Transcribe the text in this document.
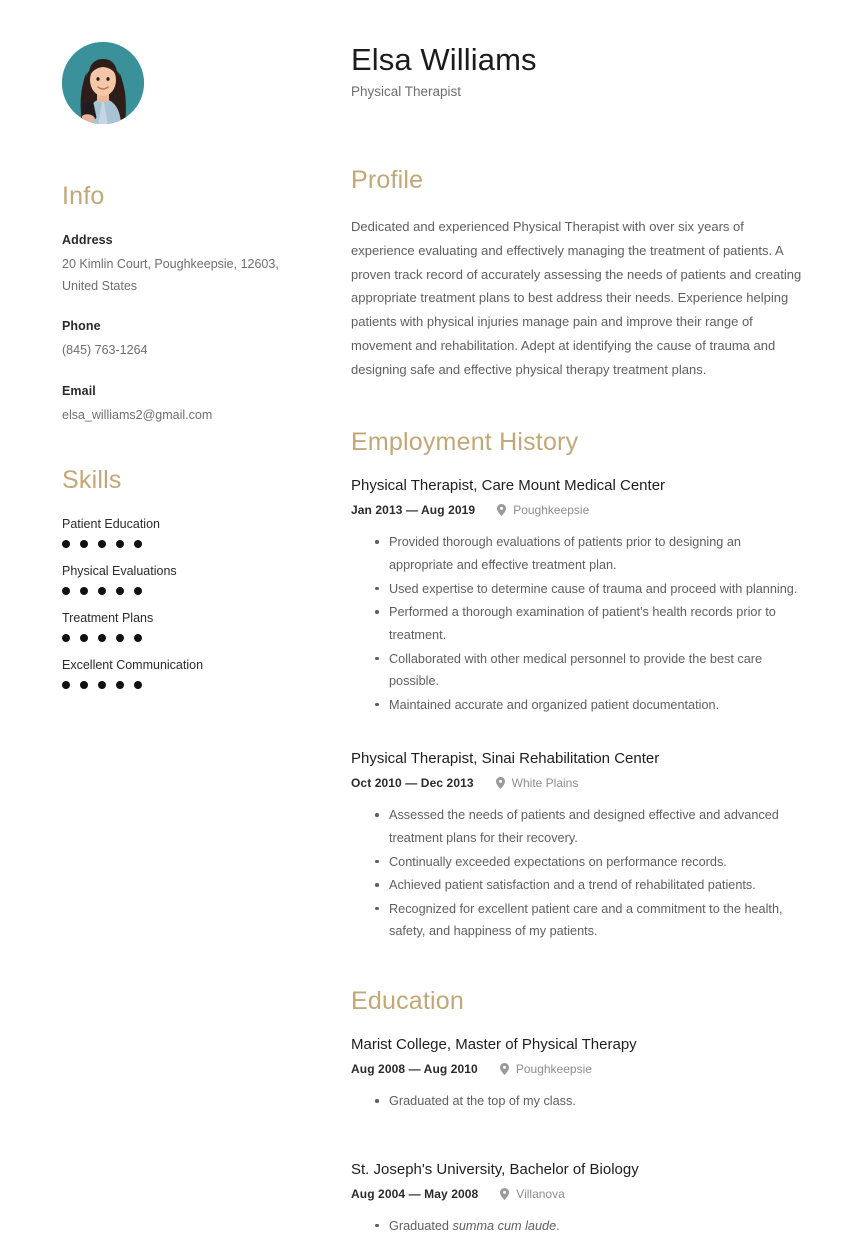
Info
Address
20 Kimlin Court, Poughkeepsie, 12603, United States
Phone
(845) 763-1264
Email
elsa_williams2@gmail.com
Skills
Patient Education
Physical Evaluations
Treatment Plans
Excellent Communication
Elsa Williams

Physical Therapist

Profile

Dedicated and experienced Physical Therapist with over six years of experience evaluating and effectively managing the treatment of patients. A proven track record of accurately assessing the needs of patients and creating appropriate treatment plans to best address their needs. Experience helping patients with physical injuries manage pain and improve their range of movement and rehabilitation. Adept at identifying the cause of trauma and designing safe and effective physical therapy treatment plans.

Employment History
Physical Therapist, Care Mount Medical Center
Jan 2013 — Aug 2019	Poughkeepsie
Provided thorough evaluations of patients prior to designing an appropriate and effective treatment plan.
Used expertise to determine cause of trauma and proceed with planning.
Performed a thorough examination of patient's health records prior to treatment.
Collaborated with other medical personnel to provide the best care possible.
Maintained accurate and organized patient documentation.
Physical Therapist, Sinai Rehabilitation Center
Oct 2010 — Dec 2013	White Plains
Assessed the needs of patients and designed effective and advanced treatment plans for their recovery.
Continually exceeded expectations on performance records.
Achieved patient satisfaction and a trend of rehabilitated patients.
Recognized for excellent patient care and a commitment to the health, safety, and happiness of my patients.
Education
Marist College, Master of Physical Therapy
Aug 2008 — Aug 2010	Poughkeepsie
Graduated at the top of my class.
St. Joseph's University, Bachelor of Biology
Aug 2004 — May 2008	Villanova
Graduated summa cum laude.
